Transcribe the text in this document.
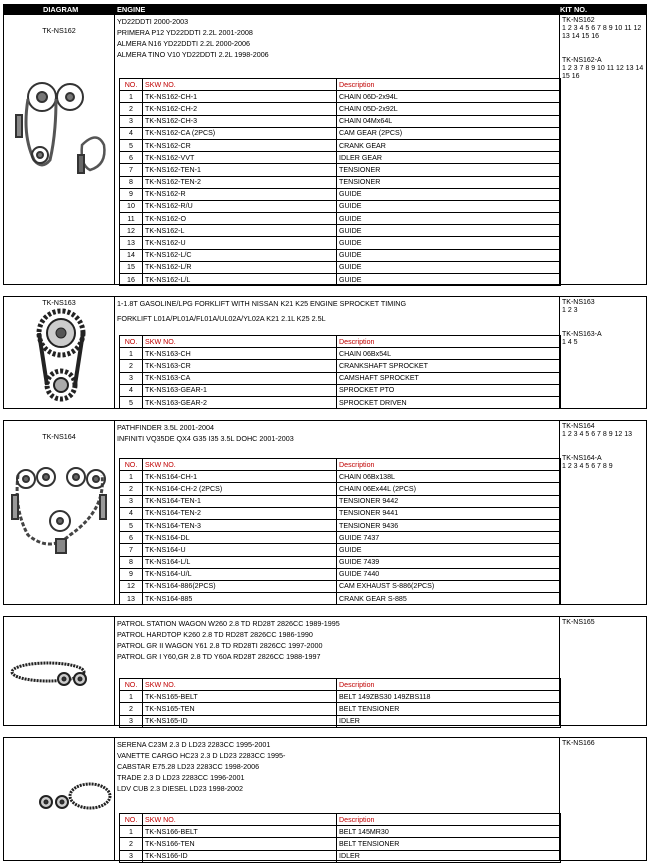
DIAGRAM	ENGINE	KIT NO.
TK-NS162
YD22DDTI 2000-2003
PRIMERA P12 YD22DDTI 2.2L 2001-2008
ALMERA N16 YD22DDTI 2.2L 2000-2006
ALMERA TINO V10 YD22DDTI 2.2L 1998-2006
TK-NS162
1 2 3 4 5 6 7 8 9 10 11 12 13 14 15 16
TK-NS162-A
1 2 3 7 8 9 10 11 12 13 14 15 16
NO.	SKW NO.	Description
1	TK-NS162-CH-1	CHAIN 06D-2x94L
2	TK-NS162-CH-2	CHAIN 05D-2x92L
3	TK-NS162-CH-3	CHAIN 04Mx64L
4	TK-NS162-CA (2PCS)	CAM GEAR (2PCS)
5	TK-NS162-CR	CRANK GEAR
6	TK-NS162-VVT	IDLER GEAR
7	TK-NS162-TEN-1	TENSIONER
8	TK-NS162-TEN-2	TENSIONER
9	TK-NS162-R	GUIDE
10	TK-NS162-R/U	GUIDE
11	TK-NS162-O	GUIDE
12	TK-NS162-L	GUIDE
13	TK-NS162-U	GUIDE
14	TK-NS162-L/C	GUIDE
15	TK-NS162-L/R	GUIDE
16	TK-NS162-L/L	GUIDE
TK-NS163	1-1.8T GASOLINE/LPG FORKLIFT WITH NISSAN K21 K25 ENGINE SPROCKET TIMING
FORKLIFT L01A/PL01A/FL01A/UL02A/YL02A K21 2.1L K25 2.5L
TK-NS163
1 2 3
TK-NS163-A
1 4 5
NO.	SKW NO.	Description
1	TK-NS163-CH	CHAIN 06Bx54L
2	TK-NS163-CR	CRANKSHAFT SPROCKET
3	TK-NS163-CA	CAMSHAFT SPROCKET
4	TK-NS163-GEAR-1	SPROCKET PTO
5	TK-NS163-GEAR-2	SPROCKET DRIVEN
TK-NS164
PATHFINDER 3.5L 2001-2004
INFINITI VQ35DE QX4 G35 I35 3.5L DOHC 2001-2003
TK-NS164
1 2 3 4 5 6 7 8 9 12 13
TK-NS164-A
1 2 3 4 5 6 7 8 9
NO.	SKW NO.	Description
1	TK-NS164-CH-1	CHAIN 06Bx138L
2	TK-NS164-CH-2 (2PCS)	CHAIN 06Ex44L (2PCS)
3	TK-NS164-TEN-1	TENSIONER 9442
4	TK-NS164-TEN-2	TENSIONER 9441
5	TK-NS164-TEN-3	TENSIONER 9436
6	TK-NS164-DL	GUIDE 7437
7	TK-NS164-U	GUIDE
8	TK-NS164-L/L	GUIDE 7439
9	TK-NS164-U/L	GUIDE 7440
12	TK-NS164-886(2PCS)	CAM EXHAUST S-886(2PCS)
13	TK-NS164-885	CRANK GEAR S-885
PATROL STATION WAGON W260 2.8 TD RD28T 2826CC 1989-1995
PATROL HARDTOP K260 2.8 TD RD28T 2826CC 1986-1990
PATROL GR II WAGON Y61 2.8 TD RD28TI 2826CC 1997-2000
PATROL GR I Y60,GR 2.8 TD Y60A RD28T 2826CC 1988-1997
TK-NS165
NO.	SKW NO.	Description
1	TK-NS165-BELT	BELT 149ZBS30 149ZBS118
2	TK-NS165-TEN	BELT TENSIONER
3	TK-NS165-ID	IDLER
SERENA C23M 2.3 D LD23 2283CC 1995-2001
VANETTE CARGO HC23 2.3 D LD23 2283CC 1995-
CABSTAR E75.28 LD23 2283CC 1998-2006
TRADE 2.3 D LD23 2283CC 1996-2001
LDV CUB 2.3 DIESEL LD23 1998-2002
TK-NS166
NO.	SKW NO.	Description
1	TK-NS166-BELT	BELT 145MR30
2	TK-NS166-TEN	BELT TENSIONER
3	TK-NS166-ID	IDLER
